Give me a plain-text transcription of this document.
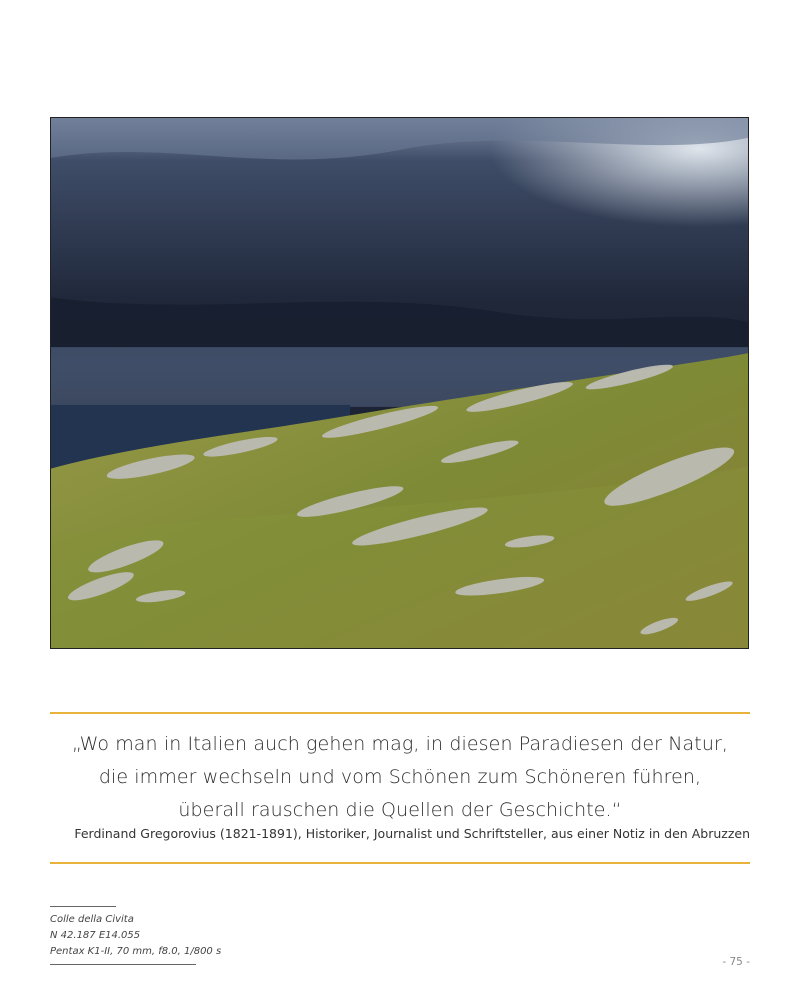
„Wo man in Italien auch gehen mag, in diesen Paradiesen der Natur,
die immer wechseln und vom Schönen zum Schöneren führen,
überall rauschen die Quellen der Geschichte.“
Ferdinand Gregorovius (1821-1891), Historiker, Journalist und Schriftsteller, aus einer Notiz in den Abruzzen
Colle della Civita
N 42.187 E14.055
Pentax K1-II, 70 mm, f8.0, 1/800 s
- 75 -
